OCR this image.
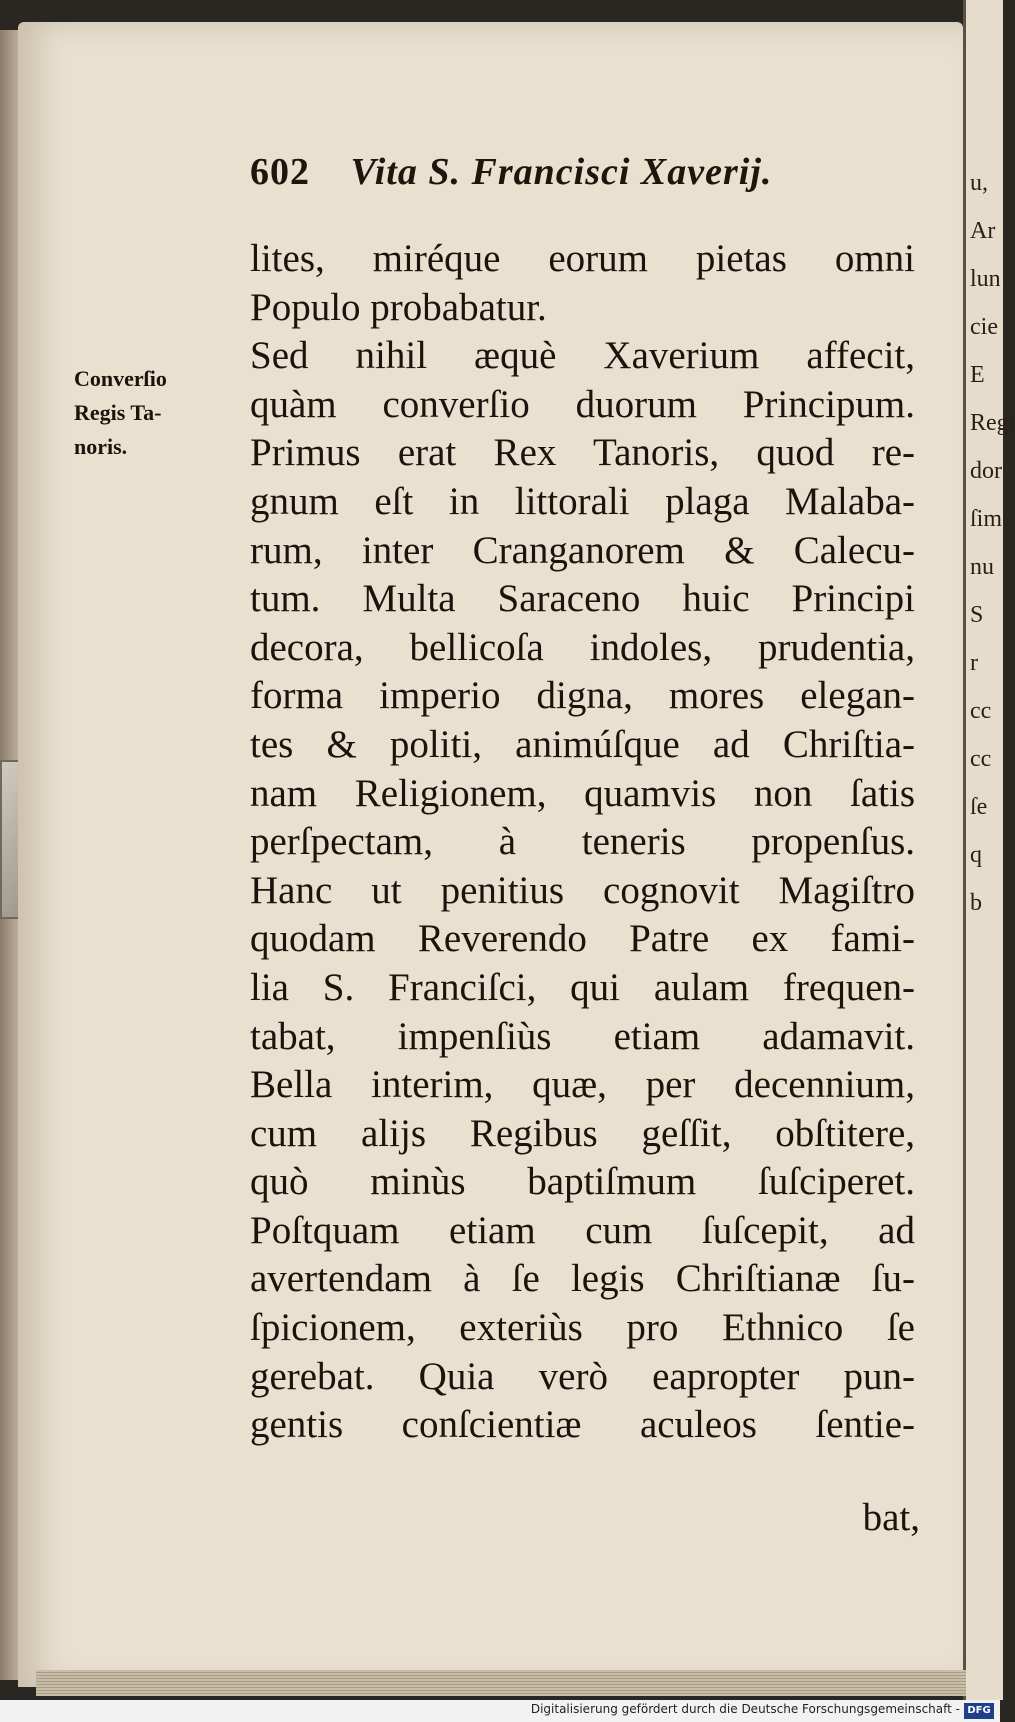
u,
Ar
lun
cie
E
Regi
dor
ſim
nu
S
r
cc
cc
ſe
q
b
602 Vita S. Francisci Xaverij.
Converſio
Regis Ta-
noris.
lites, miréque eorum pietas omni
Populo probabatur.
Sed nihil æquè Xaverium affecit,
quàm converſio duorum Principum.
Primus erat Rex Tanoris, quod re-
gnum eſt in littorali plaga Malaba-
rum, inter Cranganorem & Calecu-
tum. Multa Saraceno huic Principi
decora, bellicoſa indoles, prudentia,
forma imperio digna, mores elegan-
tes & politi, animúſque ad Chriſtia-
nam Religionem, quamvis non ſatis
perſpectam, à teneris propenſus.
Hanc ut penitius cognovit Magiſtro
quodam Reverendo Patre ex fami-
lia S. Franciſci, qui aulam frequen-
tabat, impenſiùs etiam adamavit.
Bella interim, quæ, per decennium,
cum alijs Regibus geſſit, obſtitere,
quò minùs baptiſmum ſuſciperet.
Poſtquam etiam cum ſuſcepit, ad
avertendam à ſe legis Chriſtianæ ſu-
ſpicionem, exteriùs pro Ethnico ſe
gerebat. Quia verò eapropter pun-
gentis conſcientiæ aculeos ſentie-
bat,
Digitalisierung gefördert durch die Deutsche Forschungsgemeinschaft - DFG
